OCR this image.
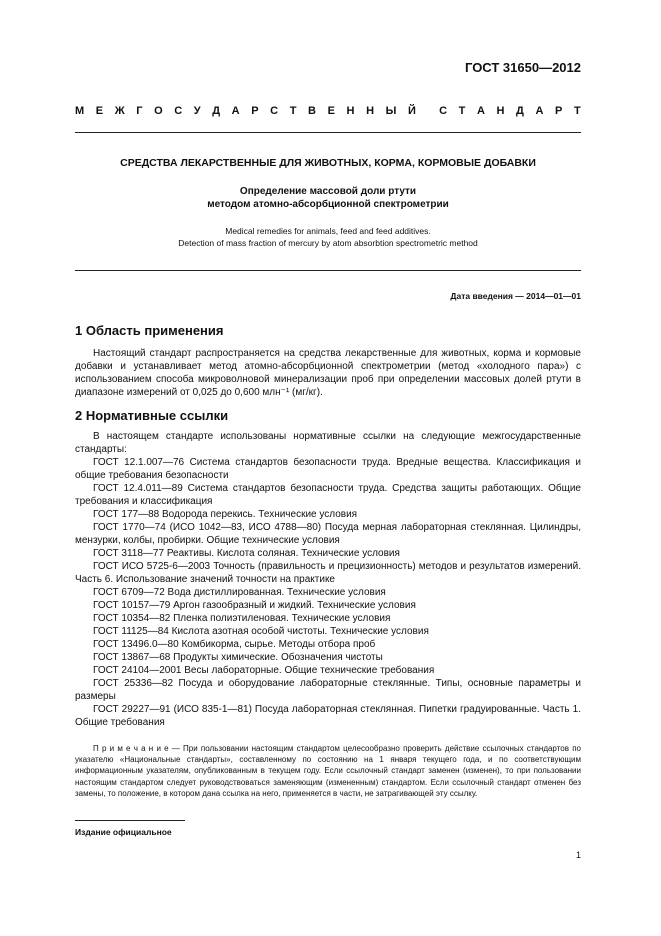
ГОСТ 31650—2012
М Е Ж Г О С У Д А Р С Т В Е Н Н Ы Й С Т А Н Д А Р Т
СРЕДСТВА ЛЕКАРСТВЕННЫЕ ДЛЯ ЖИВОТНЫХ, КОРМА, КОРМОВЫЕ ДОБАВКИ
Определение массовой доли ртути
методом атомно-абсорбционной спектрометрии
Medical remedies for animals, feed and feed additives.
Detection of mass fraction of mercury by atom absorbtion spectrometric method
Дата введения — 2014—01—01
1 Область применения

Настоящий стандарт распространяется на средства лекарственные для животных, корма и кормовые добавки и устанавливает метод атомно-абсорбционной спектрометрии (метод «холодного пара») с использованием способа микроволновой минерализации проб при определении массовых долей ртути в диапазоне измерений от 0,025 до 0,600 млн⁻¹ (мг/кг).

2 Нормативные ссылки

В настоящем стандарте использованы нормативные ссылки на следующие межгосударственные стандарты:

ГОСТ 12.1.007—76 Система стандартов безопасности труда. Вредные вещества. Классификация и общие требования безопасности

ГОСТ 12.4.011—89 Система стандартов безопасности труда. Средства защиты работающих. Общие требования и классификация

ГОСТ 177—88 Водорода перекись. Технические условия

ГОСТ 1770—74 (ИСО 1042—83, ИСО 4788—80) Посуда мерная лабораторная стеклянная. Цилиндры, мензурки, колбы, пробирки. Общие технические условия

ГОСТ 3118—77 Реактивы. Кислота соляная. Технические условия

ГОСТ ИСО 5725-6—2003 Точность (правильность и прецизионность) методов и результатов измерений. Часть 6. Использование значений точности на практике

ГОСТ 6709—72 Вода дистиллированная. Технические условия

ГОСТ 10157—79 Аргон газообразный и жидкий. Технические условия

ГОСТ 10354—82 Пленка полиэтиленовая. Технические условия

ГОСТ 11125—84 Кислота азотная особой чистоты. Технические условия

ГОСТ 13496.0—80 Комбикорма, сырье. Методы отбора проб

ГОСТ 13867—68 Продукты химические. Обозначения чистоты

ГОСТ 24104—2001 Весы лабораторные. Общие технические требования

ГОСТ 25336—82 Посуда и оборудование лабораторные стеклянные. Типы, основные параметры и размеры

ГОСТ 29227—91 (ИСО 835-1—81) Посуда лабораторная стеклянная. Пипетки градуированные. Часть 1. Общие требования

П р и м е ч а н и е — При пользовании настоящим стандартом целесообразно проверить действие ссылочных стандартов по указателю «Национальные стандарты», составленному по состоянию на 1 января текущего года, и по соответствующим информационным указателям, опубликованным в текущем году. Если ссылочный стандарт заменен (изменен), то при пользовании настоящим стандартом следует руководствоваться заменяющим (измененным) стандартом. Если ссылочный стандарт отменен без замены, то положение, в котором дана ссылка на него, применяется в части, не затрагивающей эту ссылку.
Издание официальное
1
